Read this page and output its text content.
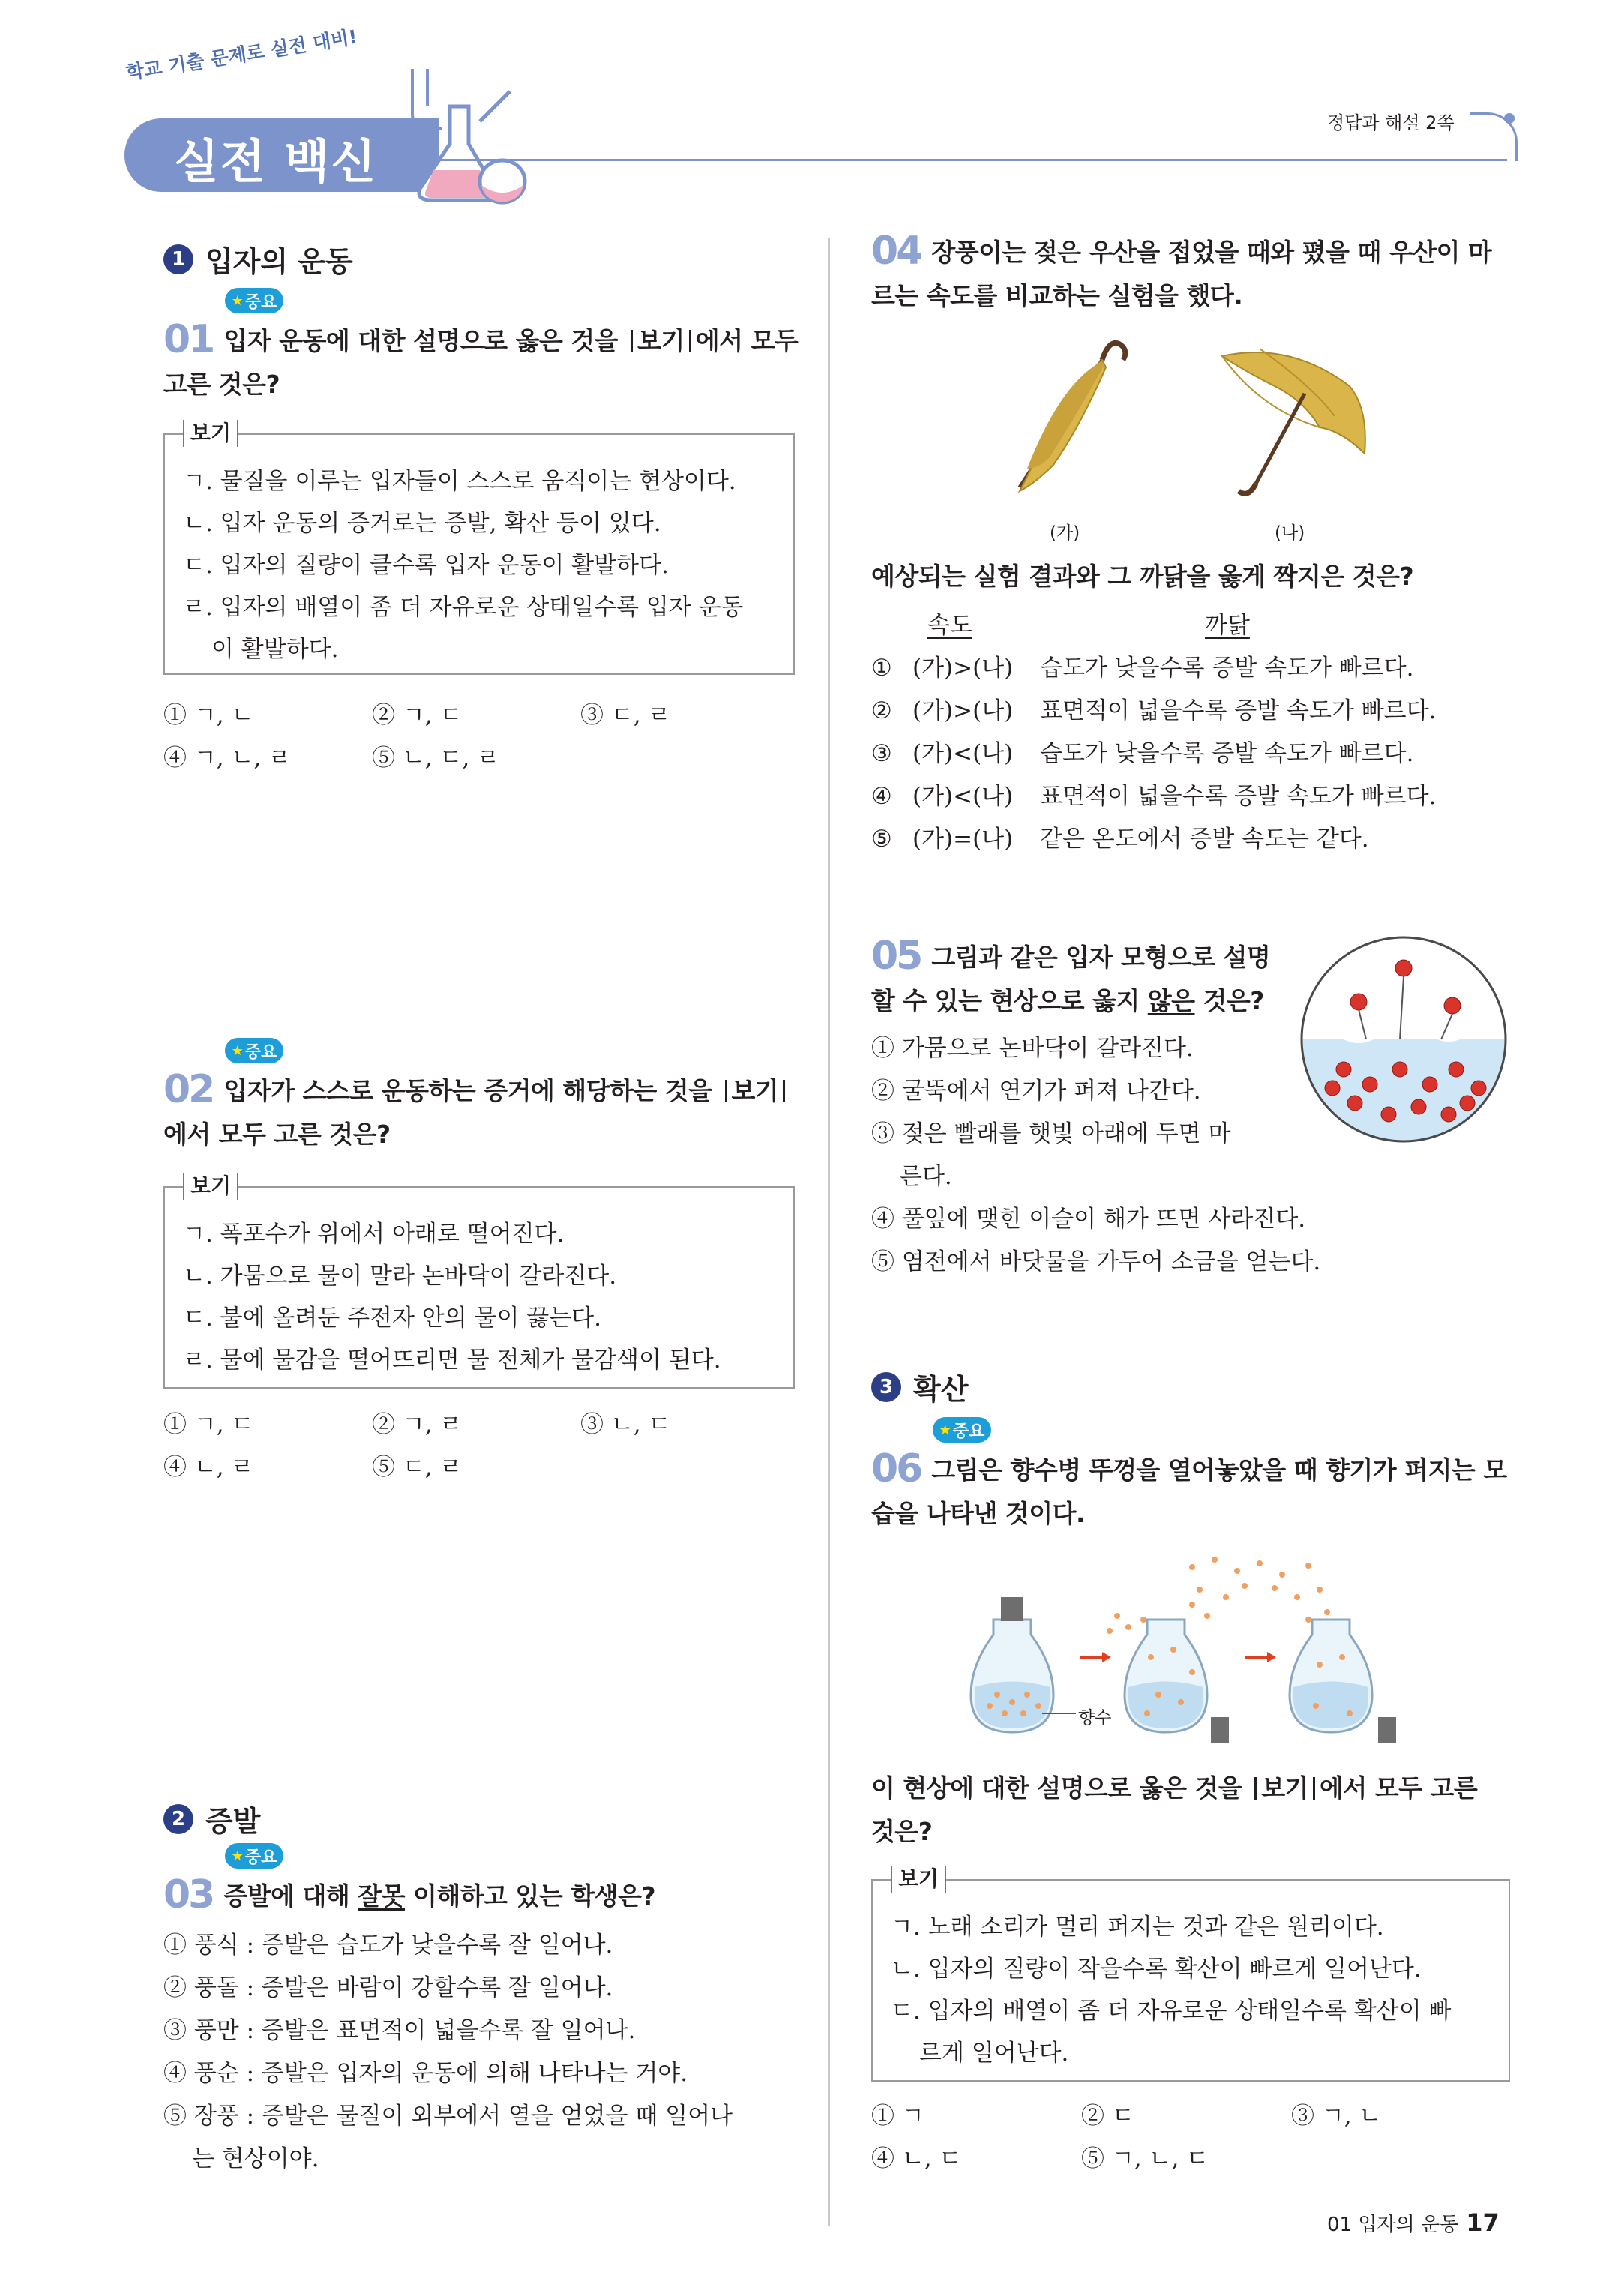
학교 기출 문제로 실전 대비!
실전 백신
정답과 해설 2쪽
1 입자의 운동
★ 중요
01 입자 운동에 대한 설명으로 옳은 것을 보기 에서 모두
고른 것은?
보기
ㄱ. 물질을 이루는 입자들이 스스로 움직이는 현상이다.
ㄴ. 입자 운동의 증거로는 증발, 확산 등이 있다.
ㄷ. 입자의 질량이 클수록 입자 운동이 활발하다.
ㄹ. 입자의 배열이 좀 더 자유로운 상태일수록 입자 운동
이 활발하다.
① ㄱ, ㄴ	② ㄱ, ㄷ	③ ㄷ, ㄹ
④ ㄱ, ㄴ, ㄹ	⑤ ㄴ, ㄷ, ㄹ
★ 중요
02 입자가 스스로 운동하는 증거에 해당하는 것을 보기
에서 모두 고른 것은?
보기
ㄱ. 폭포수가 위에서 아래로 떨어진다.
ㄴ. 가뭄으로 물이 말라 논바닥이 갈라진다.
ㄷ. 불에 올려둔 주전자 안의 물이 끓는다.
ㄹ. 물에 물감을 떨어뜨리면 물 전체가 물감색이 된다.
① ㄱ, ㄷ	② ㄱ, ㄹ	③ ㄴ, ㄷ
④ ㄴ, ㄹ	⑤ ㄷ, ㄹ
2 증발
★ 중요
03 증발에 대해 잘못 이해하고 있는 학생은?
① 풍식 : 증발은 습도가 낮을수록 잘 일어나.
② 풍돌 : 증발은 바람이 강할수록 잘 일어나.
③ 풍만 : 증발은 표면적이 넓을수록 잘 일어나.
④ 풍순 : 증발은 입자의 운동에 의해 나타나는 거야.
⑤ 장풍 : 증발은 물질이 외부에서 열을 얻었을 때 일어나
는 현상이야.
04 장풍이는 젖은 우산을 접었을 때와 폈을 때 우산이 마
르는 속도를 비교하는 실험을 했다.
(가)	(나)
예상되는 실험 결과와 그 까닭을 옳게 짝지은 것은?
속도	까닭
① (가)>(나)	습도가 낮을수록 증발 속도가 빠르다.
② (가)>(나)	표면적이 넓을수록 증발 속도가 빠르다.
③ (가)<(나)	습도가 낮을수록 증발 속도가 빠르다.
④ (가)<(나)	표면적이 넓을수록 증발 속도가 빠르다.
⑤ (가)=(나)	같은 온도에서 증발 속도는 같다.
05 그림과 같은 입자 모형으로 설명
할 수 있는 현상으로 옳지 않은 것은?
① 가뭄으로 논바닥이 갈라진다.
② 굴뚝에서 연기가 퍼져 나간다.
③ 젖은 빨래를 햇빛 아래에 두면 마
른다.
④ 풀잎에 맺힌 이슬이 해가 뜨면 사라진다.
⑤ 염전에서 바닷물을 가두어 소금을 얻는다.
3 확산
★ 중요
06 그림은 향수병 뚜껑을 열어놓았을 때 향기가 퍼지는 모
습을 나타낸 것이다.
향수
이 현상에 대한 설명으로 옳은 것을 보기 에서 모두 고른
것은?
보기
ㄱ. 노래 소리가 멀리 퍼지는 것과 같은 원리이다.
ㄴ. 입자의 질량이 작을수록 확산이 빠르게 일어난다.
ㄷ. 입자의 배열이 좀 더 자유로운 상태일수록 확산이 빠
르게 일어난다.
① ㄱ	② ㄷ	③ ㄱ, ㄴ
④ ㄴ, ㄷ	⑤ ㄱ, ㄴ, ㄷ
01 입자의 운동 17
